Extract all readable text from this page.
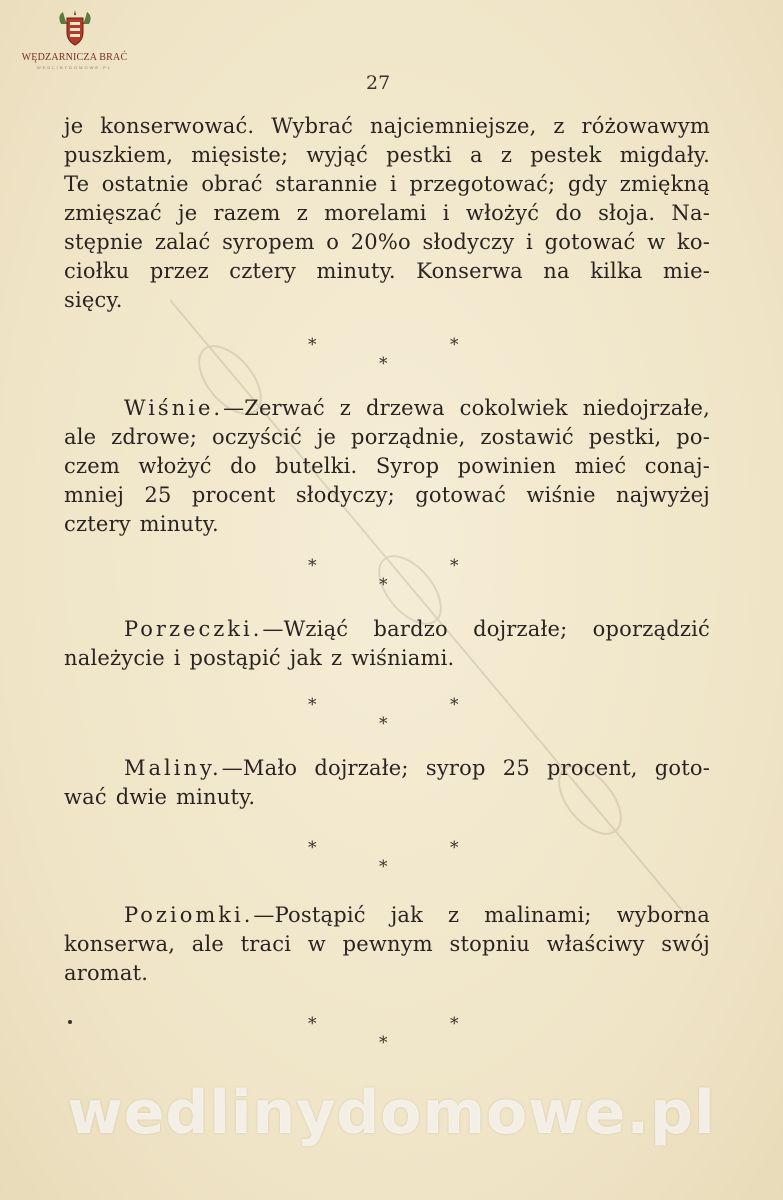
WĘDZARNICZA BRAĆ
WEDLINYDOMOWE.PL
27
je konserwować. Wybrać najciemniejsze, z różowawym
puszkiem, mięsiste; wyjąć pestki a z pestek migdały.
Te ostatnie obrać starannie i przegotować; gdy zmiękną
zmięszać je razem z morelami i włożyć do słoja. Na-
stępnie zalać syropem o 20%o słodyczy i gotować w ko-
ciołku przez cztery minuty. Konserwa na kilka mie-
sięcy.
*	*
*
Wiśnie.—Zerwać z drzewa cokolwiek niedojrzałe,
ale zdrowe; oczyścić je porządnie, zostawić pestki, po-
czem włożyć do butelki. Syrop powinien mieć conaj-
mniej 25 procent słodyczy; gotować wiśnie najwyżej
cztery minuty.
*	*
*
Porzeczki.—Wziąć bardzo dojrzałe; oporządzić
należycie i postąpić jak z wiśniami.
*	*
*
Maliny.—Mało dojrzałe; syrop 25 procent, goto-
wać dwie minuty.
*	*
*
Poziomki.—Postąpić jak z malinami; wyborna
konserwa, ale traci w pewnym stopniu właściwy swój
aromat.
*	*
*
wedlinydomowe.pl
